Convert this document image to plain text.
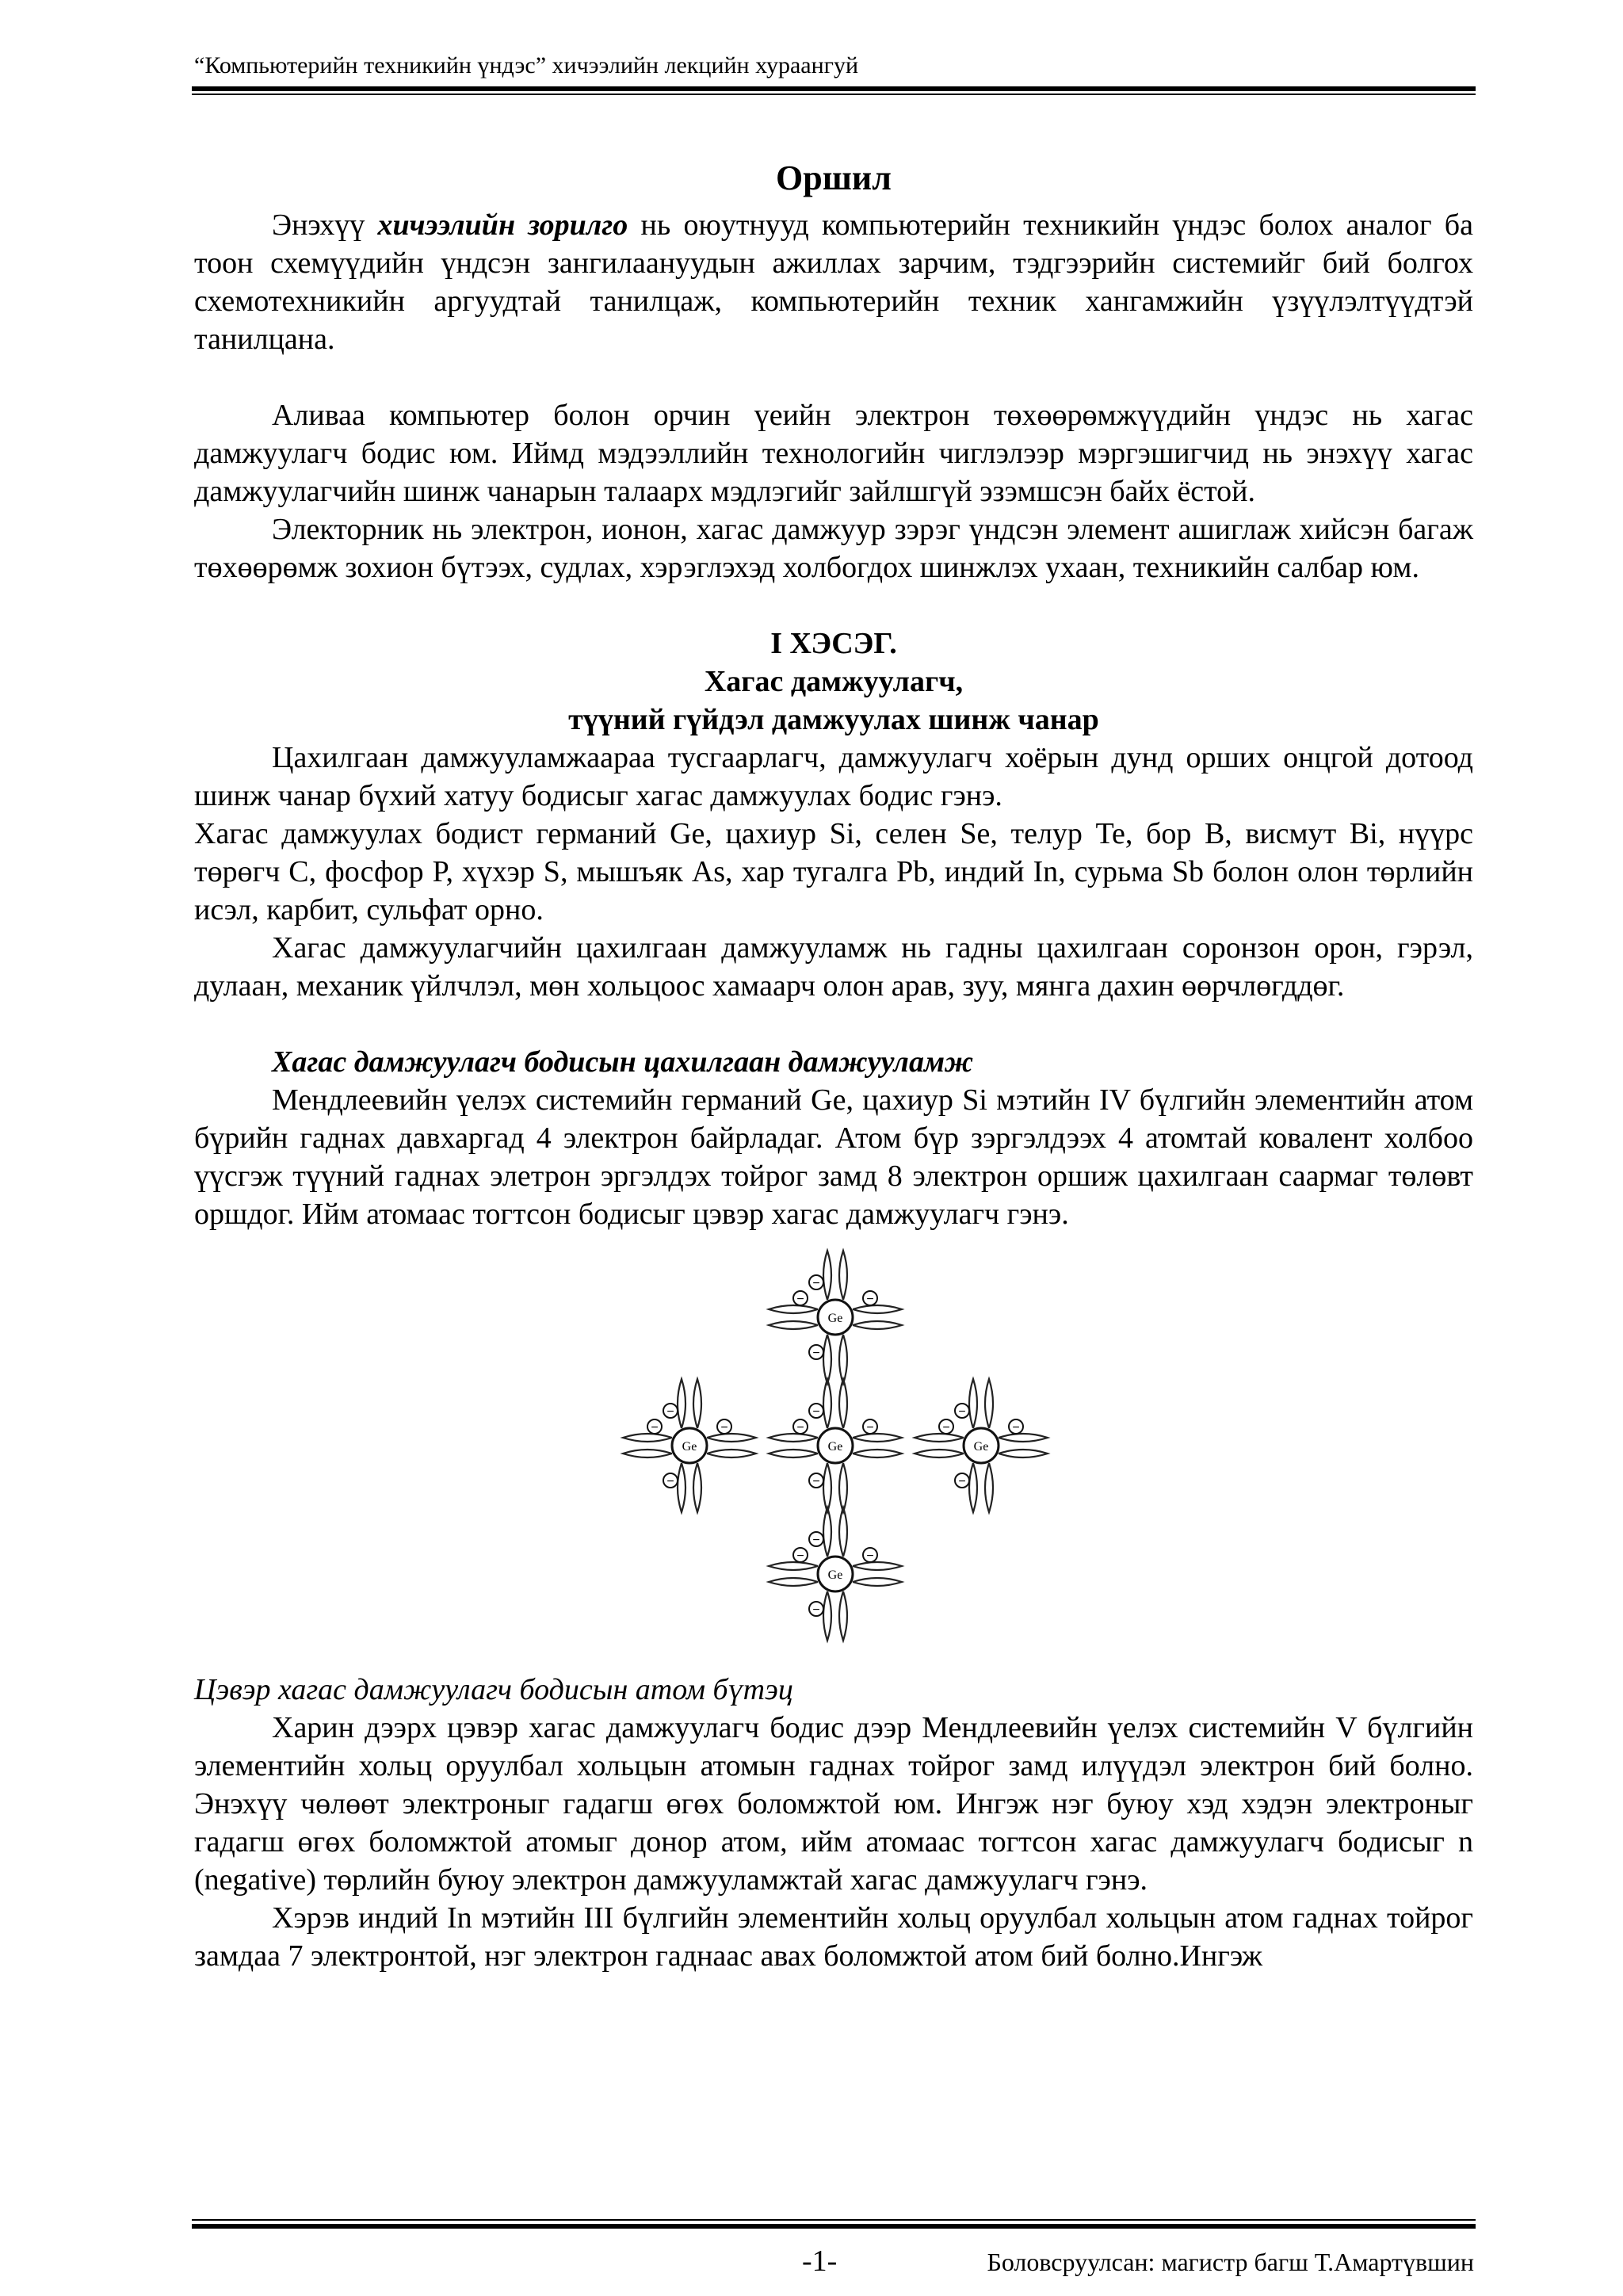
“Компьютерийн техникийн үндэс” хичээлийн лекцийн хураангуй
Оршил

Энэхүү хичээлийн зорилго нь оюутнууд компьютерийн техникийн үндэс болох аналог ба тоон схемүүдийн үндсэн зангилаануудын ажиллах зарчим, тэдгээрийн системийг бий болгох схемотехникийн аргуудтай танилцаж, компьютерийн техник хангамжийн үзүүлэлтүүдтэй танилцана.

Аливаа компьютер болон орчин үеийн электрон төхөөрөмжүүдийн үндэс нь хагас дамжуулагч бодис юм. Иймд мэдээллийн технологийн чиглэлээр мэргэшигчид нь энэхүү хагас дамжуулагчийн шинж чанарын талаарх мэдлэгийг зайлшгүй эзэмшсэн байх ёстой.

Электорник нь электрон, ионон, хагас дамжуур зэрэг үндсэн элемент ашиглаж хийсэн багаж төхөөрөмж зохион бүтээх, судлах, хэрэглэхэд холбогдох шинжлэх ухаан, техникийн салбар юм.

I ХЭСЭГ.

Хагас дамжуулагч,

түүний гүйдэл дамжуулах шинж чанар

Цахилгаан дамжууламжаараа тусгаарлагч, дамжуулагч хоёрын дунд орших онцгой дотоод шинж чанар бүхий хатуу бодисыг хагас дамжуулах бодис гэнэ.

Хагас дамжуулах бодист германий Ge, цахиур Si, селен Se, телур Te, бор B, висмут Bi, нүүрс төрөгч C, фосфор P, хүхэр S, мышъяк As, хар тугалга Pb, индий In, сурьма Sb болон олон төрлийн исэл, карбит, сульфат орно.

Хагас дамжуулагчийн цахилгаан дамжууламж нь гадны цахилгаан соронзон орон, гэрэл, дулаан, механик үйлчлэл, мөн хольцоос хамаарч олон арав, зуу, мянга дахин өөрчлөгддөг.

Хагас дамжуулагч бодисын цахилгаан дамжууламж

Мендлеевийн үелэх системийн германий Ge, цахиур Si мэтийн IV бүлгийн элементийн атом бүрийн гаднах давхаргад 4 электрон байрладаг. Атом бүр зэргэлдээх 4 атомтай ковалент холбоо үүсгэж түүний гаднах элетрон эргэлдэх тойрог замд 8 электрон оршиж цахилгаан саармаг төлөвт оршдог. Ийм атомаас тогтсон бодисыг цэвэр хагас дамжуулагч гэнэ.

Ge
Ge	Ge	Ge
Ge
−
−
−	−
−
−
−	−
−
−
−	−
−
−
−	−
−
−
−	−

Цэвэр хагас дамжуулагч бодисын атом бүтэц

Харин дээрх цэвэр хагас дамжуулагч бодис дээр Мендлеевийн үелэх системийн V бүлгийн элементийн хольц оруулбал хольцын атомын гаднах тойрог замд илүүдэл электрон бий болно. Энэхүү чөлөөт электроныг гадагш өгөх боломжтой юм. Ингэж нэг буюу хэд хэдэн электроныг гадагш өгөх боломжтой атомыг донор атом, ийм атомаас тогтсон хагас дамжуулагч бодисыг n (negative) төрлийн буюу электрон дамжууламжтай хагас дамжуулагч гэнэ.

Хэрэв индий In мэтийн III бүлгийн элементийн хольц оруулбал хольцын атом гаднах тойрог замдаа 7 электронтой, нэг электрон гаднаас авах боломжтой атом бий болно.Ингэж

-1-	Боловсруулсан: магистр багш Т.Амартүвшин
